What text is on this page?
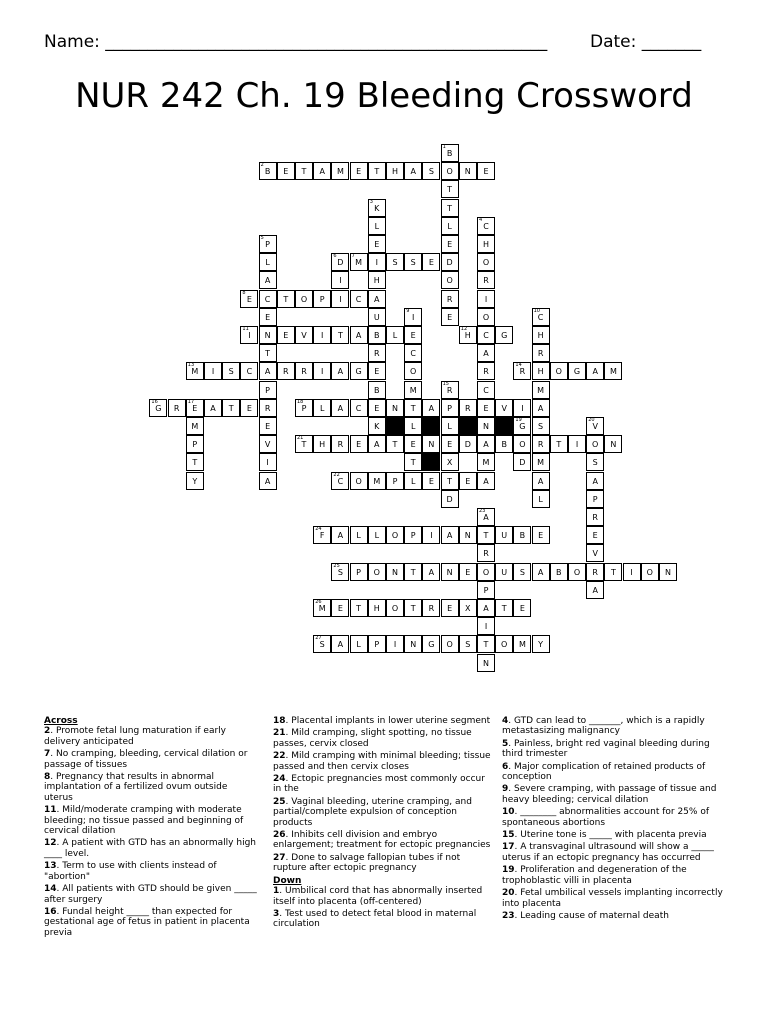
Name: ____________________________________________________	Date: _______
NUR 242 Ch. 19 Bleeding Crossword
1
B
2
B	E	T	A	M	E	T	H	A	S	O	N	E
T
3
K	T
L	L
4
C
5
P	E	E	H
L
6
D
7
M	I	S	S	E	D	O
A	I	H	O	R
8
E	C	T	O	P	I	C	A	R	I
E	U
9
I	E	O
10
C
11
I	N	E	V	I	T	A	B	L	E
12
H	C	G	H
T	R	C	A	R
13
M	I	S	C	A	R	R	I	A	G	E	O	R
14
R	H	O	G	A	M
P	B	M
15
R	C	M
16
G	R
17
E	A	T	E	R
18
P	L	A	C	E	N	T	A	P	R	E	V	I	A
M	E	K	L	L	N
19
G	S
20
V
P	V
21
T	H	R	E	A	T	E	N	E	D	A	B	O	R	T	I	O	N
T	I	T	X	M	D	M	S
Y	A
22
C	O	M	P	L	E	T	E	A	A	A
D	L	P
23
A	R
24
F	A	L	L	O	P	I	A	N	T	U	B	E	E
R	V
25
S	P	O	N	T	A	N	E	O	U	S	A	B	O	R	T	I	O	N
P	A
26
M	E	T	H	O	T	R	E	X	A	T	E
I
27
S	A	L	P	I	N	G	O	S	T	O	M	Y
N

Across

2. Promote fetal lung maturation if early delivery anticipated

7. No cramping, bleeding, cervical dilation or passage of tissues

8. Pregnancy that results in abnormal implantation of a fertilized ovum outside uterus

11. Mild/moderate cramping with moderate bleeding; no tissue passed and beginning of cervical dilation

12. A patient with GTD has an abnormally high ____ level.

13. Term to use with clients instead of "abortion"

14. All patients with GTD should be given _____ after surgery

16. Fundal height _____ than expected for gestational age of fetus in patient in placenta previa

18. Placental implants in lower uterine segment

21. Mild cramping, slight spotting, no tissue passes, cervix closed

22. Mild cramping with minimal bleeding; tissue passed and then cervix closes

24. Ectopic pregnancies most commonly occur in the

25. Vaginal bleeding, uterine cramping, and partial/complete expulsion of conception products

26. Inhibits cell division and embryo enlargement; treatment for ectopic pregnancies

27. Done to salvage fallopian tubes if not rupture after ectopic pregnancy

Down

1. Umbilical cord that has abnormally inserted itself into placenta (off-centered)

3. Test used to detect fetal blood in maternal circulation

4. GTD can lead to _______, which is a rapidly metastasizing malignancy

5. Painless, bright red vaginal bleeding during third trimester

6. Major complication of retained products of conception

9. Severe cramping, with passage of tissue and heavy bleeding; cervical dilation

10. ________ abnormalities account for 25% of spontaneous abortions

15. Uterine tone is _____ with placenta previa

17. A transvaginal ultrasound will show a _____ uterus if an ectopic pregnancy has occurred

19. Proliferation and degeneration of the trophoblastic villi in placenta

20. Fetal umbilical vessels implanting incorrectly into placenta

23. Leading cause of maternal death
